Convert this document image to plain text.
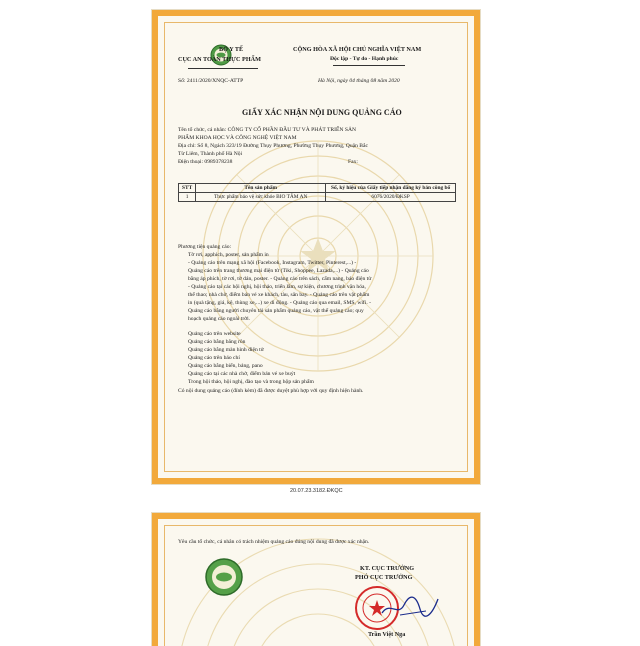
BỘ Y TẾ
CỤC AN TOÀN THỰC PHẨM
Số: 2411/2020/XNQC-ATTP
CỘNG HÒA XÃ HỘI CHỦ NGHĨA VIỆT NAM
Độc lập - Tự do - Hạnh phúc
Hà Nội, ngày 04 tháng 08 năm 2020
GIẤY XÁC NHẬN NỘI DUNG QUẢNG CÁO
Tên tổ chức, cá nhân: CÔNG TY CỔ PHẦN ĐẦU TƯ VÀ PHÁT TRIỂN SẢN
PHẨM KHOA HỌC VÀ CÔNG NGHỆ VIỆT NAM
Địa chỉ: Số 8, Ngách 323/19 Đường Thụy Phương, Phường Thụy Phương, Quận Bắc
Từ Liêm, Thành phố Hà Nội
Điện thoại: 0989378238	Fax:
STT	Tên sản phẩm	Số, ký hiệu của Giấy tiếp nhận đăng ký bản công bố
1	Thực phẩm bảo vệ sức khỏe BIO TÂM AN	6076/2020/ĐKSP
Phương tiện quảng cáo:
Tờ rơi, apphich, poster, sản phẩm in
- Quảng cáo trên mạng xã hội (Facebook, Instagram, Twitter, Pinterest,...) -
Quảng cáo trên trang thương mại điện tử (Tiki, Shoppee, Lazada,...) - Quảng cáo
bằng áp phích, tờ rơi, tờ dán, poster. - Quảng cáo trên sách, cẩm nang, báo điện tử
- Quảng cáo tại các hội nghị, hội thảo, triển lãm, sự kiện, chương trình văn hóa,
thể thao; nhà chờ, điểm bán vé xe khách, tàu, sân bay. - Quảng cáo trên vật phẩm
in (quà tặng, giá, kệ, thùng xe,...) xe di động. - Quảng cáo qua email, SMS, wifi. -
Quảng cáo bằng người chuyên tải sản phẩm quảng cáo, vật thể quảng cáo; quy
hoạch quảng cáo ngoài trời.
Quảng cáo trên website
Quảng cáo bằng băng rôn
Quảng cáo bằng màn hình điện tử
Quảng cáo trên báo chí
Quảng cáo bằng biển, bảng, pano
Quảng cáo tại các nhà chờ, điểm bán vé xe buýt
Trong hội thảo, hội nghị, đào tạo và trong hộp sản phẩm
Có nội dung quảng cáo (đính kèm) đã được duyệt phù hợp với quy định hiện hành.
20.07.23.3182.ĐKQC
Yêu cầu tổ chức, cá nhân có trách nhiệm quảng cáo đúng nội dung đã được xác nhận.
KT. CỤC TRƯỞNG
PHÓ CỤC TRƯỞNG
Trần Việt Nga
